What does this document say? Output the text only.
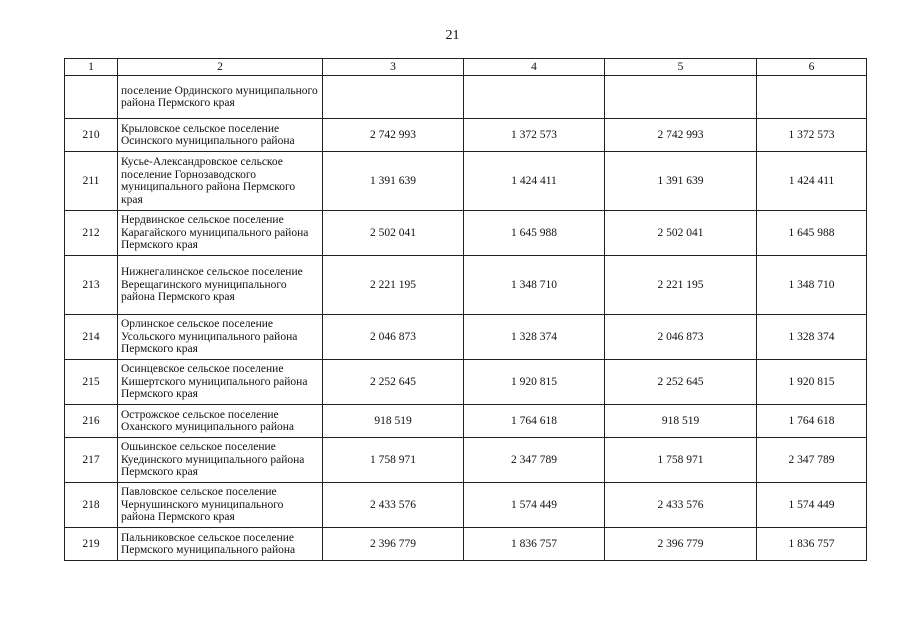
21
1	2	3	4	5	6
	поселение Ординского муниципального района Пермского края				
210	Крыловское сельское поселение Осинского муниципального района	2 742 993	1 372 573	2 742 993	1 372 573
211	Кусье-Александровское сельское поселение Горнозаводского муниципального района Пермского края	1 391 639	1 424 411	1 391 639	1 424 411
212	Нердвинское сельское поселение Карагайского муниципального района Пермского края	2 502 041	1 645 988	2 502 041	1 645 988
213	Нижнегалинское сельское поселение Верещагинского муниципального района Пермского края	2 221 195	1 348 710	2 221 195	1 348 710
214	Орлинское сельское поселение Усольского муниципального района Пермского края	2 046 873	1 328 374	2 046 873	1 328 374
215	Осинцевское сельское поселение Кишертского муниципального района Пермского края	2 252 645	1 920 815	2 252 645	1 920 815
216	Острожское сельское поселение Оханского муниципального района	918 519	1 764 618	918 519	1 764 618
217	Ошьинское сельское поселение Куединского муниципального района Пермского края	1 758 971	2 347 789	1 758 971	2 347 789
218	Павловское сельское поселение Чернушинского муниципального района Пермского края	2 433 576	1 574 449	2 433 576	1 574 449
219	Пальниковское сельское поселение Пермского муниципального района	2 396 779	1 836 757	2 396 779	1 836 757
